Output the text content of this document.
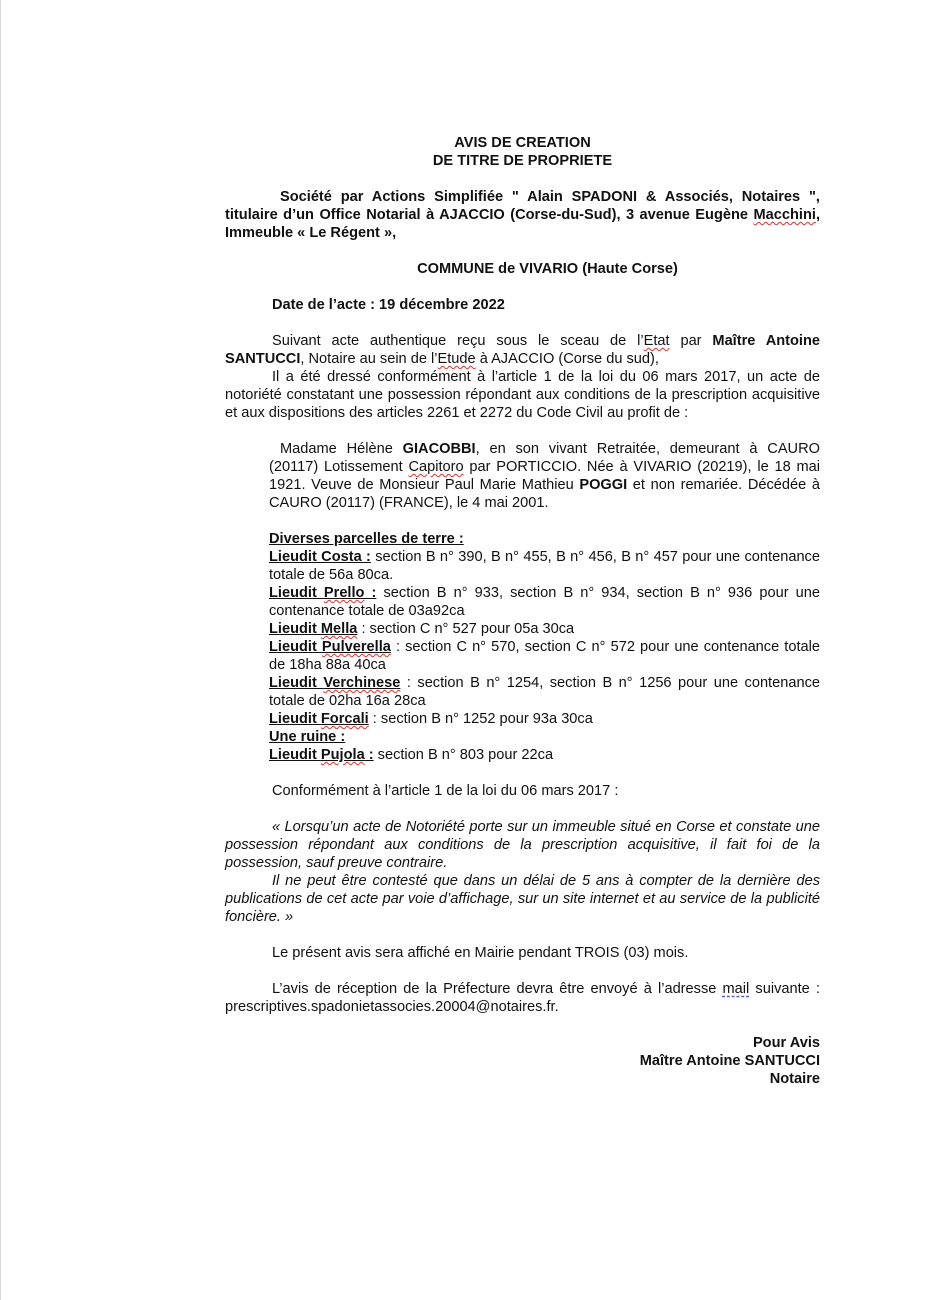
AVIS DE CREATION
DE TITRE DE PROPRIETE
Société par Actions Simplifiée " Alain SPADONI & Associés, Notaires ", titulaire d’un Office Notarial à AJACCIO (Corse-du-Sud), 3 avenue Eugène Macchini, Immeuble « Le Régent »,
COMMUNE de VIVARIO (Haute Corse)
Date de l’acte : 19 décembre 2022
Suivant acte authentique reçu sous le sceau de l’Etat par Maître Antoine SANTUCCI, Notaire au sein de l’Etude à AJACCIO (Corse du sud),
Il a été dressé conformément à l’article 1 de la loi du 06 mars 2017, un acte de notoriété constatant une possession répondant aux conditions de la prescription acquisitive et aux dispositions des articles 2261 et 2272 du Code Civil au profit de :
Madame Hélène GIACOBBI, en son vivant Retraitée, demeurant à CAURO (20117) Lotissement Capitoro par PORTICCIO. Née à VIVARIO (20219), le 18 mai 1921. Veuve de Monsieur Paul Marie Mathieu POGGI et non remariée. Décédée à CAURO (20117) (FRANCE), le 4 mai 2001.
Diverses parcelles de terre :
Lieudit Costa : section B n° 390, B n° 455, B n° 456, B n° 457 pour une contenance totale de 56a 80ca.
Lieudit Prello : section B n° 933, section B n° 934, section B n° 936 pour une contenance totale de 03a92ca
Lieudit Mella : section C n° 527 pour 05a 30ca
Lieudit Pulverella : section C n° 570, section C n° 572 pour une contenance totale de 18ha 88a 40ca
Lieudit Verchinese : section B n° 1254, section B n° 1256 pour une contenance totale de 02ha 16a 28ca
Lieudit Forcali : section B n° 1252 pour 93a 30ca
Une ruine :
Lieudit Pujola : section B n° 803 pour 22ca
Conformément à l’article 1 de la loi du 06 mars 2017 :
« Lorsqu’un acte de Notoriété porte sur un immeuble situé en Corse et constate une possession répondant aux conditions de la prescription acquisitive, il fait foi de la possession, sauf preuve contraire.
Il ne peut être contesté que dans un délai de 5 ans à compter de la dernière des publications de cet acte par voie d’affichage, sur un site internet et au service de la publicité foncière. »
Le présent avis sera affiché en Mairie pendant TROIS (03) mois.
L’avis de réception de la Préfecture devra être envoyé à l’adresse mail suivante : prescriptives.spadonietassocies.20004@notaires.fr.
Pour Avis
Maître Antoine SANTUCCI
Notaire
